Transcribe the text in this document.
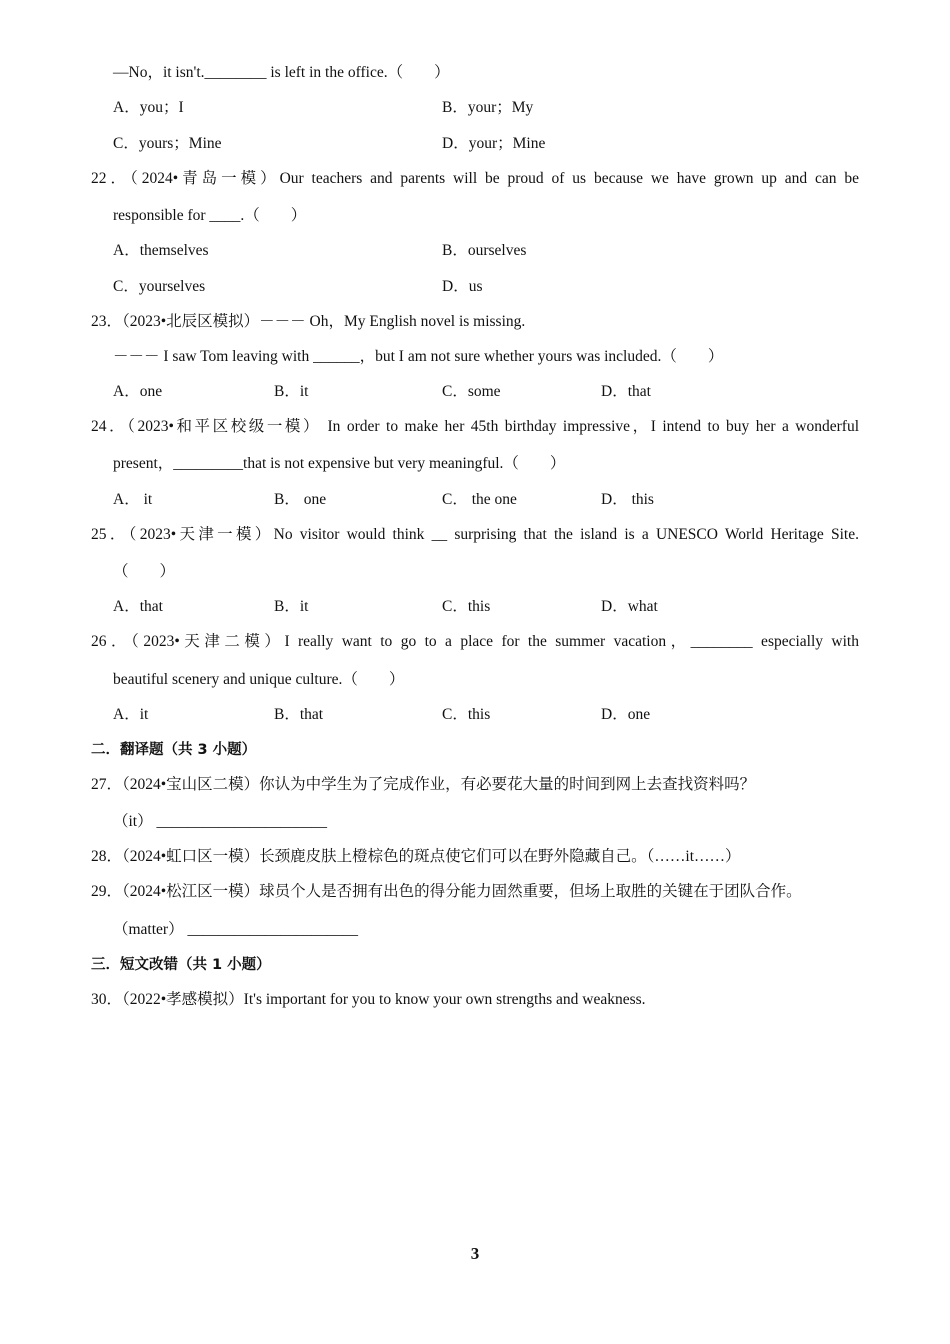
—No，it isn't.________ is left in the office.（　　）
A．you；I	B．your；My
C．yours；Mine	D．your；Mine
22．（2024•青岛一模）Our teachers and parents will be proud of us because we have grown up and can be
responsible for ____.（　　）
A．themselves	B．ourselves
C．yourselves	D．us
23．（2023•北辰区模拟）－－－ Oh，My English novel is missing.
－－－ I saw Tom leaving with ______，but I am not sure whether yours was included.（　　）
A．one	B．it	C．some	D．that
24．（2023•和平区校级一模） In order to make her 45th birthday impressive，I intend to buy her a wonderful
present，_________that is not expensive but very meaningful.（　　）
A． it	B． one	C． the one	D． this
25．（2023•天津一模）No visitor would think __ surprising that the island is a UNESCO World Heritage Site.
（　　）
A．that	B．it	C．this	D．what
26．（2023•天津二模）I really want to go to a place for the summer vacation，________ especially with
beautiful scenery and unique culture.（　　）
A．it	B．that	C．this	D．one
二．翻译题（共 3 小题）
27．（2024•宝山区二模）你认为中学生为了完成作业，有必要花大量的时间到网上去查找资料吗？
（it） ______________________
28．（2024•虹口区一模）长颈鹿皮肤上橙棕色的斑点使它们可以在野外隐藏自己。（……it……）
29．（2024•松江区一模）球员个人是否拥有出色的得分能力固然重要，但场上取胜的关键在于团队合作。
（matter） ______________________
三．短文改错（共 1 小题）
30．（2022•孝感模拟）It's important for you to know your own strengths and weakness.
3
